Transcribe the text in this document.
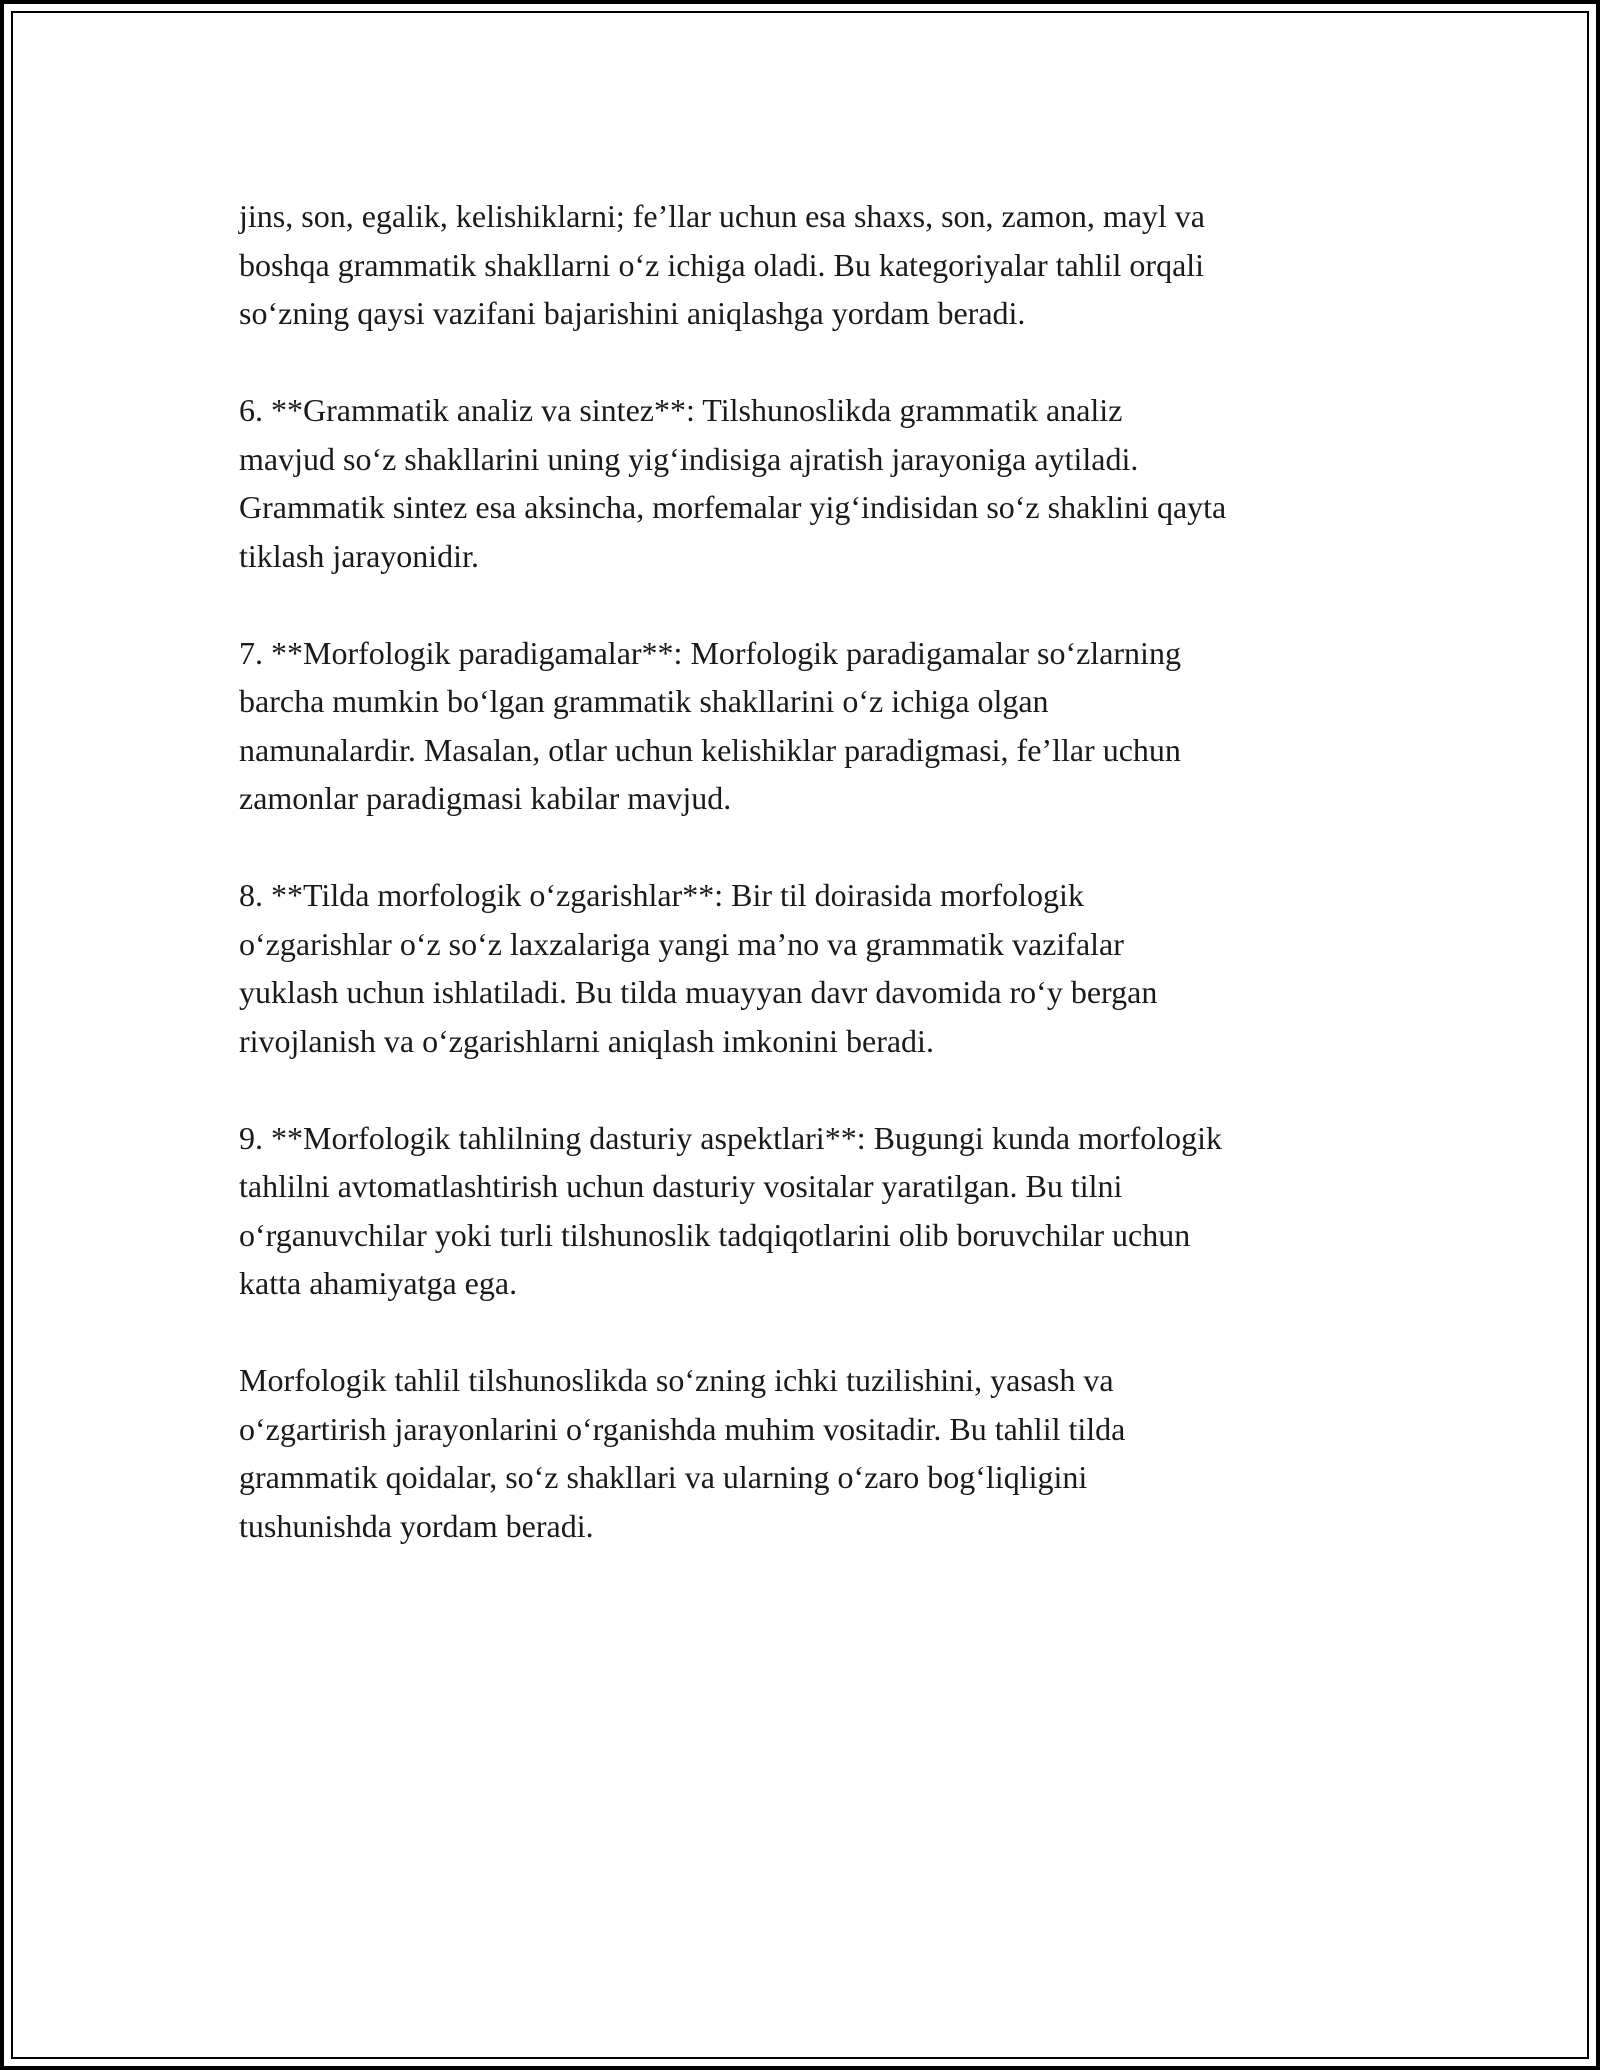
jins, son, egalik, kelishiklarni; fe’llar uchun esa shaxs, son, zamon, mayl va
boshqa grammatik shakllarni o‘z ichiga oladi. Bu kategoriyalar tahlil orqali
so‘zning qaysi vazifani bajarishini aniqlashga yordam beradi.

6. **Grammatik analiz va sintez**: Tilshunoslikda grammatik analiz
mavjud so‘z shakllarini uning yig‘indisiga ajratish jarayoniga aytiladi.
Grammatik sintez esa aksincha, morfemalar yig‘indisidan so‘z shaklini qayta
tiklash jarayonidir.

7. **Morfologik paradigamalar**: Morfologik paradigamalar so‘zlarning
barcha mumkin bo‘lgan grammatik shakllarini o‘z ichiga olgan
namunalardir. Masalan, otlar uchun kelishiklar paradigmasi, fe’llar uchun
zamonlar paradigmasi kabilar mavjud.

8. **Tilda morfologik o‘zgarishlar**: Bir til doirasida morfologik
o‘zgarishlar o‘z so‘z laxzalariga yangi ma’no va grammatik vazifalar
yuklash uchun ishlatiladi. Bu tilda muayyan davr davomida ro‘y bergan
rivojlanish va o‘zgarishlarni aniqlash imkonini beradi.

9. **Morfologik tahlilning dasturiy aspektlari**: Bugungi kunda morfologik
tahlilni avtomatlashtirish uchun dasturiy vositalar yaratilgan. Bu tilni
o‘rganuvchilar yoki turli tilshunoslik tadqiqotlarini olib boruvchilar uchun
katta ahamiyatga ega.

Morfologik tahlil tilshunoslikda so‘zning ichki tuzilishini, yasash va
o‘zgartirish jarayonlarini o‘rganishda muhim vositadir. Bu tahlil tilda
grammatik qoidalar, so‘z shakllari va ularning o‘zaro bog‘liqligini
tushunishda yordam beradi.
